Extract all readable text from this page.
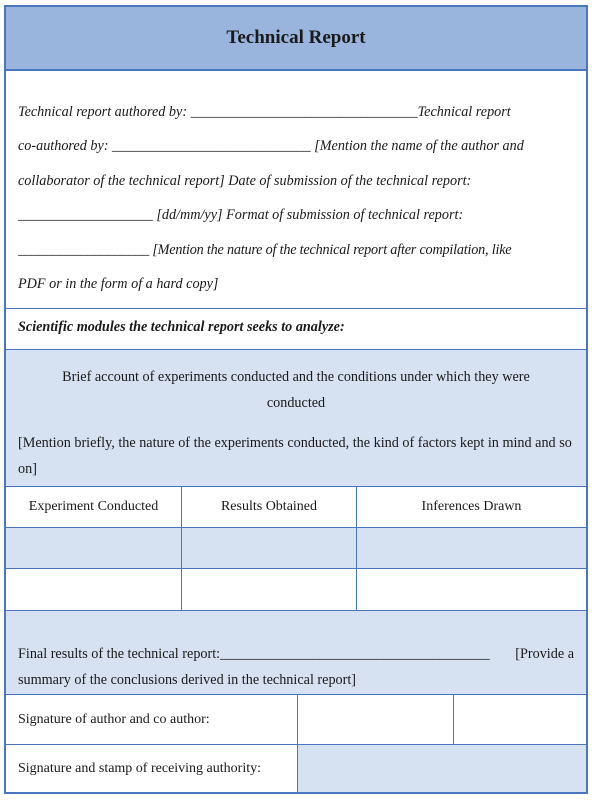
Technical Report
Technical report authored by: ________________________________Technical report
co-authored by: ____________________________ [Mention the name of the author and
collaborator of the technical report] Date of submission of the technical report:
___________________ [dd/mm/yy] Format of submission of technical report:
___________________ [Mention the nature of the technical report after compilation, like
PDF or in the form of a hard copy]
Scientific modules the technical report seeks to analyze:
Brief account of experiments conducted and the conditions under which they were conducted
[Mention briefly, the nature of the experiments conducted, the kind of factors kept in mind and so on]
Experiment Conducted	Results Obtained	Inferences Drawn
Final results of the technical report:______________________________________ [Provide a
summary of the conclusions derived in the technical report]
Signature of author and co author:
Signature and stamp of receiving authority:
